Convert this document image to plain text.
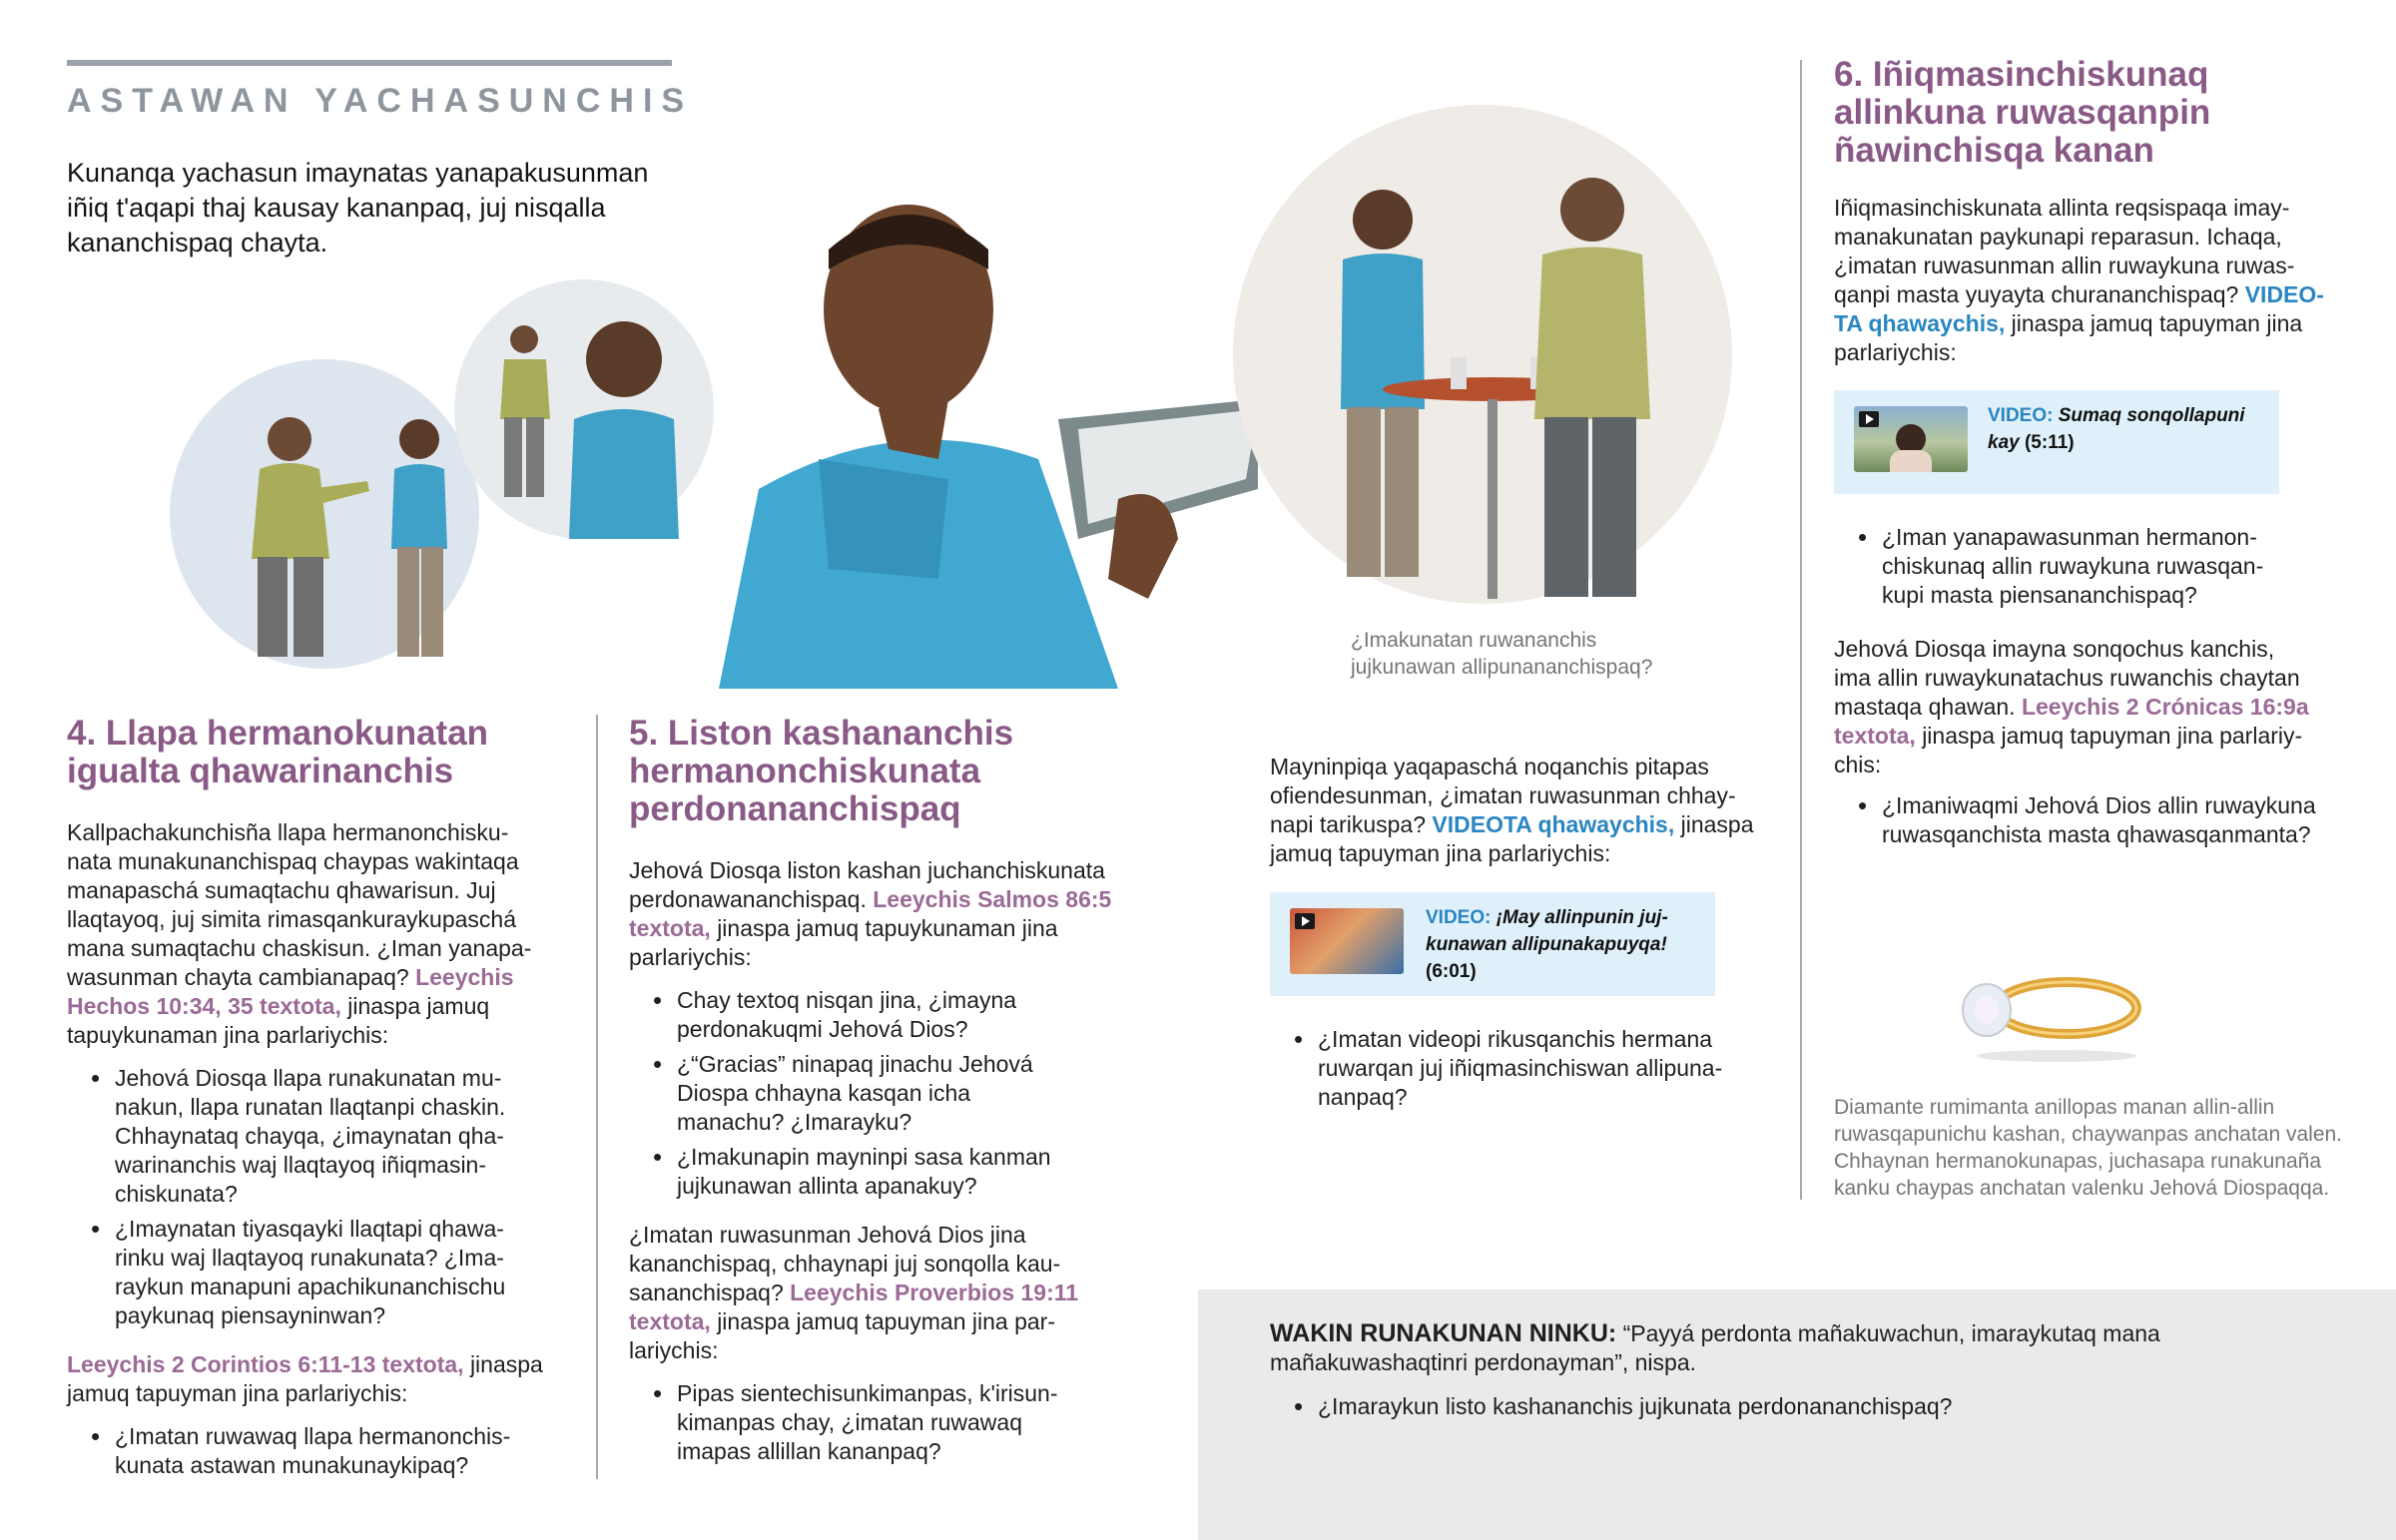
ASTAWAN YACHASUNCHIS
Kunanqa yachasun imaynatas yanapakusunman iñiq t'aqapi thaj kausay kananpaq, juj nisqalla kananchispaq chayta.
¿Imakunatan ruwananchis
jujkunawan allipunananchispaq?
4. Llapa hermanokunatan
igualta qhawarinanchis
Kallpachakunchisña llapa hermanonchisku-
nata munakunanchispaq chaypas wakintaqa
manapaschá sumaqtachu qhawarisun. Juj
llaqtayoq, juj simita rimasqankuraykupaschá
mana sumaqtachu chaskisun. ¿Iman yanapa-
wasunman chayta cambianapaq? Leeychis
Hechos 10:34, 35 textota, jinaspa jamuq
tapuykunaman jina parlariychis:
• Jehová Diosqa llapa runakunatan mu-
nakun, llapa runatan llaqtanpi chaskin.
Chhaynataq chayqa, ¿imaynatan qha-
warinanchis waj llaqtayoq iñiqmasin-
chiskunata?
• ¿Imaynatan tiyasqayki llaqtapi qhawa-
rinku waj llaqtayoq runakunata? ¿Ima-
raykun manapuni apachikunanchischu
paykunaq piensayninwan?
Leeychis 2 Corintios 6:11-13 textota, jinaspa
jamuq tapuyman jina parlariychis:
• ¿Imatan ruwawaq llapa hermanonchis-
kunata astawan munakunaykipaq?
5. Liston kashananchis
hermanonchiskunata
perdonananchispaq
Jehová Diosqa liston kashan juchanchiskunata
perdonawananchispaq. Leeychis Salmos 86:5
textota, jinaspa jamuq tapuykunaman jina
parlariychis:
• Chay textoq nisqan jina, ¿imayna
perdonakuqmi Jehová Dios?
• ¿“Gracias” ninapaq jinachu Jehová
Diospa chhayna kasqan icha
manachu? ¿Imarayku?
• ¿Imakunapin mayninpi sasa kanman
jujkunawan allinta apanakuy?
¿Imatan ruwasunman Jehová Dios jina
kananchispaq, chhaynapi juj sonqolla kau-
sananchispaq? Leeychis Proverbios 19:11
textota, jinaspa jamuq tapuyman jina par-
lariychis:
• Pipas sientechisunkimanpas, k'irisun-
kimanpas chay, ¿imatan ruwawaq
imapas allillan kananpaq?
Mayninpiqa yaqapaschá noqanchis pitapas
ofiendesunman, ¿imatan ruwasunman chhay-
napi tarikuspa? VIDEOTA qhawaychis, jinaspa
jamuq tapuyman jina parlariychis:
VIDEO: ¡May allinpunin juj-
kunawan allipunakapuyqa!
(6:01)
• ¿Imatan videopi rikusqanchis hermana
ruwarqan juj iñiqmasinchiswan allipuna-
nanpaq?
6. Iñiqmasinchiskunaq
allinkuna ruwasqanpin
ñawinchisqa kanan
Iñiqmasinchiskunata allinta reqsispaqa imay-
manakunatan paykunapi reparasun. Ichaqa,
¿imatan ruwasunman allin ruwaykuna ruwas-
qanpi masta yuyayta churananchispaq? VIDEO-
TA qhawaychis, jinaspa jamuq tapuyman jina
parlariychis:
VIDEO: Sumaq sonqollapuni
kay (5:11)
• ¿Iman yanapawasunman hermanon-
chiskunaq allin ruwaykuna ruwasqan-
kupi masta piensananchispaq?
Jehová Diosqa imayna sonqochus kanchis,
ima allin ruwaykunatachus ruwanchis chaytan
mastaqa qhawan. Leeychis 2 Crónicas 16:9a
textota, jinaspa jamuq tapuyman jina parlariy-
chis:
• ¿Imaniwaqmi Jehová Dios allin ruwaykuna
ruwasqanchista masta qhawasqanmanta?
Diamante rumimanta anillopas manan allin-allin
ruwasqapunichu kashan, chaywanpas anchatan valen.
Chhaynan hermanokunapas, juchasapa runakunaña
kanku chaypas anchatan valenku Jehová Diospaqqa.
WAKIN RUNAKUNAN NINKU: “Payyá perdonta mañakuwachun, imaraykutaq mana
mañakuwashaqtinri perdonayman”, nispa.
• ¿Imaraykun listo kashananchis jujkunata perdonananchispaq?
